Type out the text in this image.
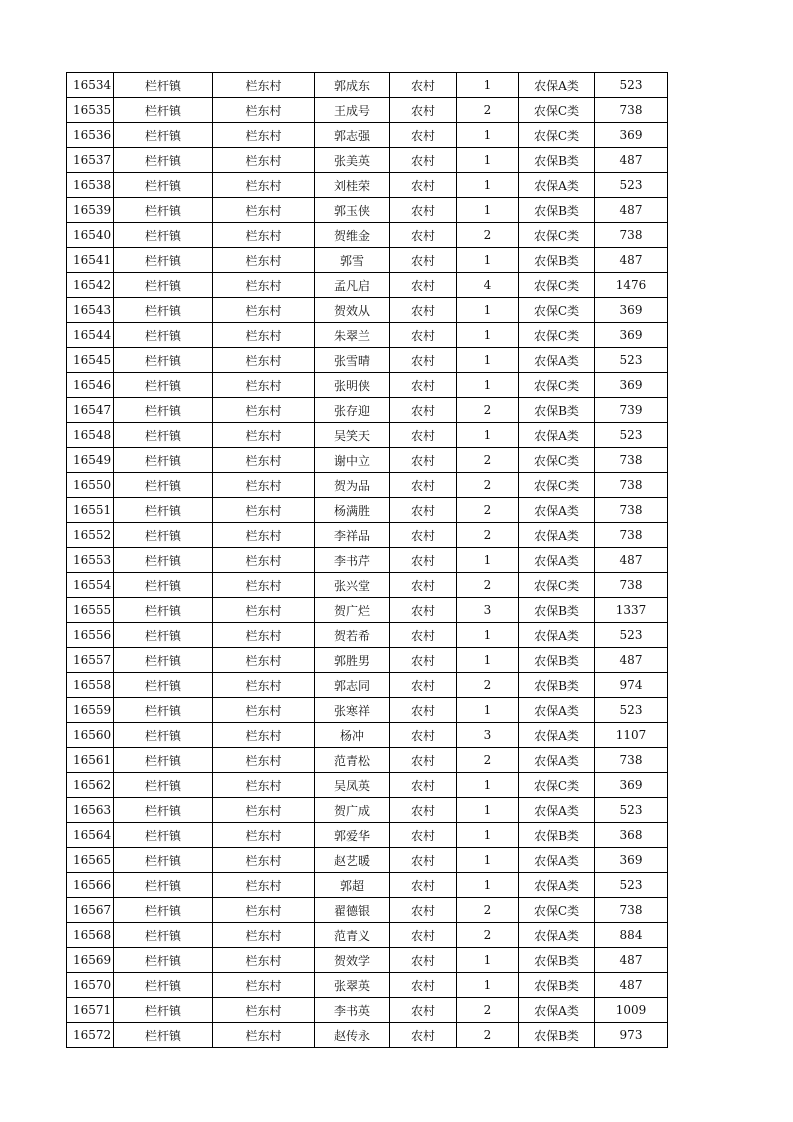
16534	栏杆镇	栏东村	郭成东	农村	1	农保A类	523
16535	栏杆镇	栏东村	王成号	农村	2	农保C类	738
16536	栏杆镇	栏东村	郭志强	农村	1	农保C类	369
16537	栏杆镇	栏东村	张美英	农村	1	农保B类	487
16538	栏杆镇	栏东村	刘桂荣	农村	1	农保A类	523
16539	栏杆镇	栏东村	郭玉侠	农村	1	农保B类	487
16540	栏杆镇	栏东村	贺维金	农村	2	农保C类	738
16541	栏杆镇	栏东村	郭雪	农村	1	农保B类	487
16542	栏杆镇	栏东村	孟凡启	农村	4	农保C类	1476
16543	栏杆镇	栏东村	贺效从	农村	1	农保C类	369
16544	栏杆镇	栏东村	朱翠兰	农村	1	农保C类	369
16545	栏杆镇	栏东村	张雪晴	农村	1	农保A类	523
16546	栏杆镇	栏东村	张明侠	农村	1	农保C类	369
16547	栏杆镇	栏东村	张存迎	农村	2	农保B类	739
16548	栏杆镇	栏东村	吴笑天	农村	1	农保A类	523
16549	栏杆镇	栏东村	谢中立	农村	2	农保C类	738
16550	栏杆镇	栏东村	贺为品	农村	2	农保C类	738
16551	栏杆镇	栏东村	杨满胜	农村	2	农保A类	738
16552	栏杆镇	栏东村	李祥品	农村	2	农保A类	738
16553	栏杆镇	栏东村	李书芹	农村	1	农保A类	487
16554	栏杆镇	栏东村	张兴堂	农村	2	农保C类	738
16555	栏杆镇	栏东村	贺广烂	农村	3	农保B类	1337
16556	栏杆镇	栏东村	贺若希	农村	1	农保A类	523
16557	栏杆镇	栏东村	郭胜男	农村	1	农保B类	487
16558	栏杆镇	栏东村	郭志同	农村	2	农保B类	974
16559	栏杆镇	栏东村	张寒祥	农村	1	农保A类	523
16560	栏杆镇	栏东村	杨冲	农村	3	农保A类	1107
16561	栏杆镇	栏东村	范青松	农村	2	农保A类	738
16562	栏杆镇	栏东村	吴凤英	农村	1	农保C类	369
16563	栏杆镇	栏东村	贺广成	农村	1	农保A类	523
16564	栏杆镇	栏东村	郭爱华	农村	1	农保B类	368
16565	栏杆镇	栏东村	赵艺暖	农村	1	农保A类	369
16566	栏杆镇	栏东村	郭超	农村	1	农保A类	523
16567	栏杆镇	栏东村	翟德银	农村	2	农保C类	738
16568	栏杆镇	栏东村	范青义	农村	2	农保A类	884
16569	栏杆镇	栏东村	贺效学	农村	1	农保B类	487
16570	栏杆镇	栏东村	张翠英	农村	1	农保B类	487
16571	栏杆镇	栏东村	李书英	农村	2	农保A类	1009
16572	栏杆镇	栏东村	赵传永	农村	2	农保B类	973
